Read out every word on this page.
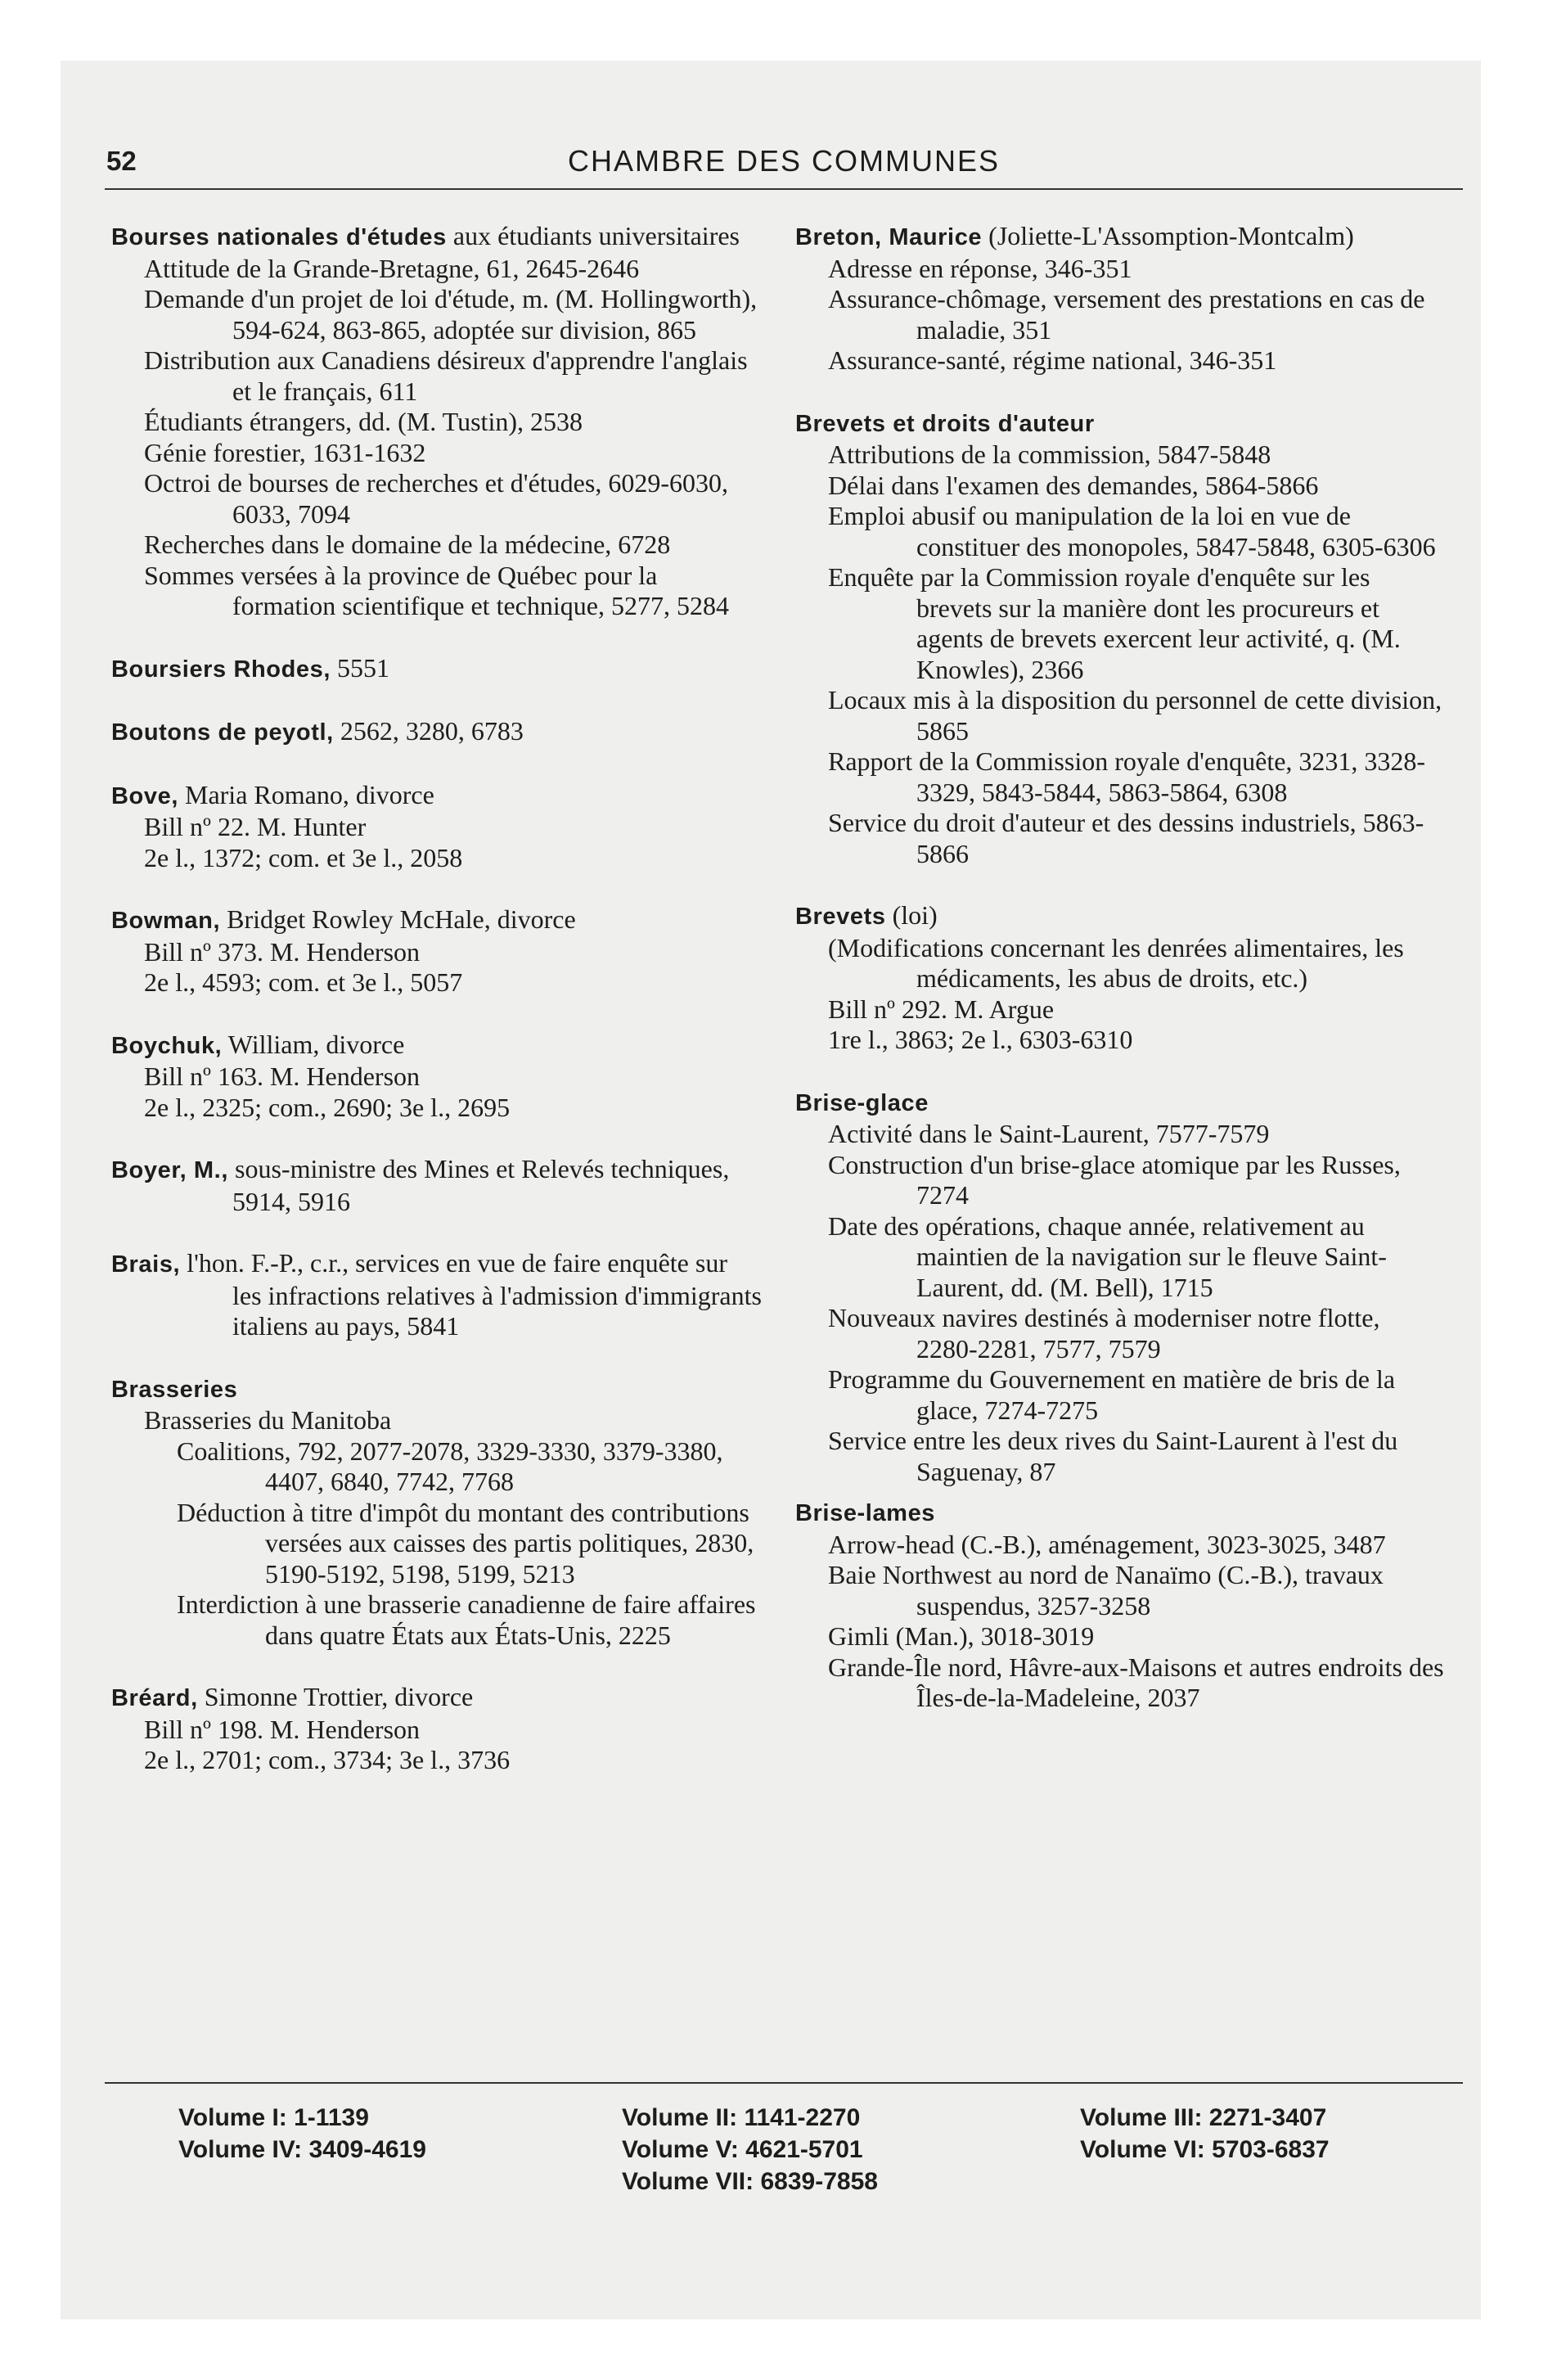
52	CHAMBRE DES COMMUNES
Bourses nationales d'études aux étudiants universitaires
Attitude de la Grande-Bretagne, 61, 2645-2646
Demande d'un projet de loi d'étude, m. (M. Hollingworth), 594-624, 863-865, adoptée sur division, 865
Distribution aux Canadiens désireux d'apprendre l'anglais et le français, 611
Étudiants étrangers, dd. (M. Tustin), 2538
Génie forestier, 1631-1632
Octroi de bourses de recherches et d'études, 6029-6030, 6033, 7094
Recherches dans le domaine de la médecine, 6728
Sommes versées à la province de Québec pour la formation scientifique et technique, 5277, 5284
Boursiers Rhodes, 5551
Boutons de peyotl, 2562, 3280, 6783
Bove, Maria Romano, divorce
Bill nº 22. M. Hunter
2e l., 1372; com. et 3e l., 2058
Bowman, Bridget Rowley McHale, divorce
Bill nº 373. M. Henderson
2e l., 4593; com. et 3e l., 5057
Boychuk, William, divorce
Bill nº 163. M. Henderson
2e l., 2325; com., 2690; 3e l., 2695
Boyer, M., sous-ministre des Mines et Relevés techniques, 5914, 5916
Brais, l'hon. F.-P., c.r., services en vue de faire enquête sur les infractions relatives à l'admission d'immigrants italiens au pays, 5841
Brasseries
Brasseries du Manitoba
Coalitions, 792, 2077-2078, 3329-3330, 3379-3380, 4407, 6840, 7742, 7768
Déduction à titre d'impôt du montant des contributions versées aux caisses des partis politiques, 2830, 5190-5192, 5198, 5199, 5213
Interdiction à une brasserie canadienne de faire affaires dans quatre États aux États-Unis, 2225
Bréard, Simonne Trottier, divorce
Bill nº 198. M. Henderson
2e l., 2701; com., 3734; 3e l., 3736
Breton, Maurice (Joliette-L'Assomption-Montcalm)
Adresse en réponse, 346-351
Assurance-chômage, versement des prestations en cas de maladie, 351
Assurance-santé, régime national, 346-351
Brevets et droits d'auteur
Attributions de la commission, 5847-5848
Délai dans l'examen des demandes, 5864-5866
Emploi abusif ou manipulation de la loi en vue de constituer des monopoles, 5847-5848, 6305-6306
Enquête par la Commission royale d'enquête sur les brevets sur la manière dont les procureurs et agents de brevets exercent leur activité, q. (M. Knowles), 2366
Locaux mis à la disposition du personnel de cette division, 5865
Rapport de la Commission royale d'enquête, 3231, 3328-3329, 5843-5844, 5863-5864, 6308
Service du droit d'auteur et des dessins industriels, 5863-5866
Brevets (loi)
(Modifications concernant les denrées alimentaires, les médicaments, les abus de droits, etc.)
Bill nº 292. M. Argue
1re l., 3863; 2e l., 6303-6310
Brise-glace
Activité dans le Saint-Laurent, 7577-7579
Construction d'un brise-glace atomique par les Russes, 7274
Date des opérations, chaque année, relativement au maintien de la navigation sur le fleuve Saint-Laurent, dd. (M. Bell), 1715
Nouveaux navires destinés à moderniser notre flotte, 2280-2281, 7577, 7579
Programme du Gouvernement en matière de bris de la glace, 7274-7275
Service entre les deux rives du Saint-Laurent à l'est du Saguenay, 87
Brise-lames
Arrow-head (C.-B.), aménagement, 3023-3025, 3487
Baie Northwest au nord de Nanaïmo (C.-B.), travaux suspendus, 3257-3258
Gimli (Man.), 3018-3019
Grande-Île nord, Hâvre-aux-Maisons et autres endroits des Îles-de-la-Madeleine, 2037
Volume I: 1-1139
Volume IV: 3409-4619
Volume II: 1141-2270
Volume V: 4621-5701
Volume VII: 6839-7858
Volume III: 2271-3407
Volume VI: 5703-6837
